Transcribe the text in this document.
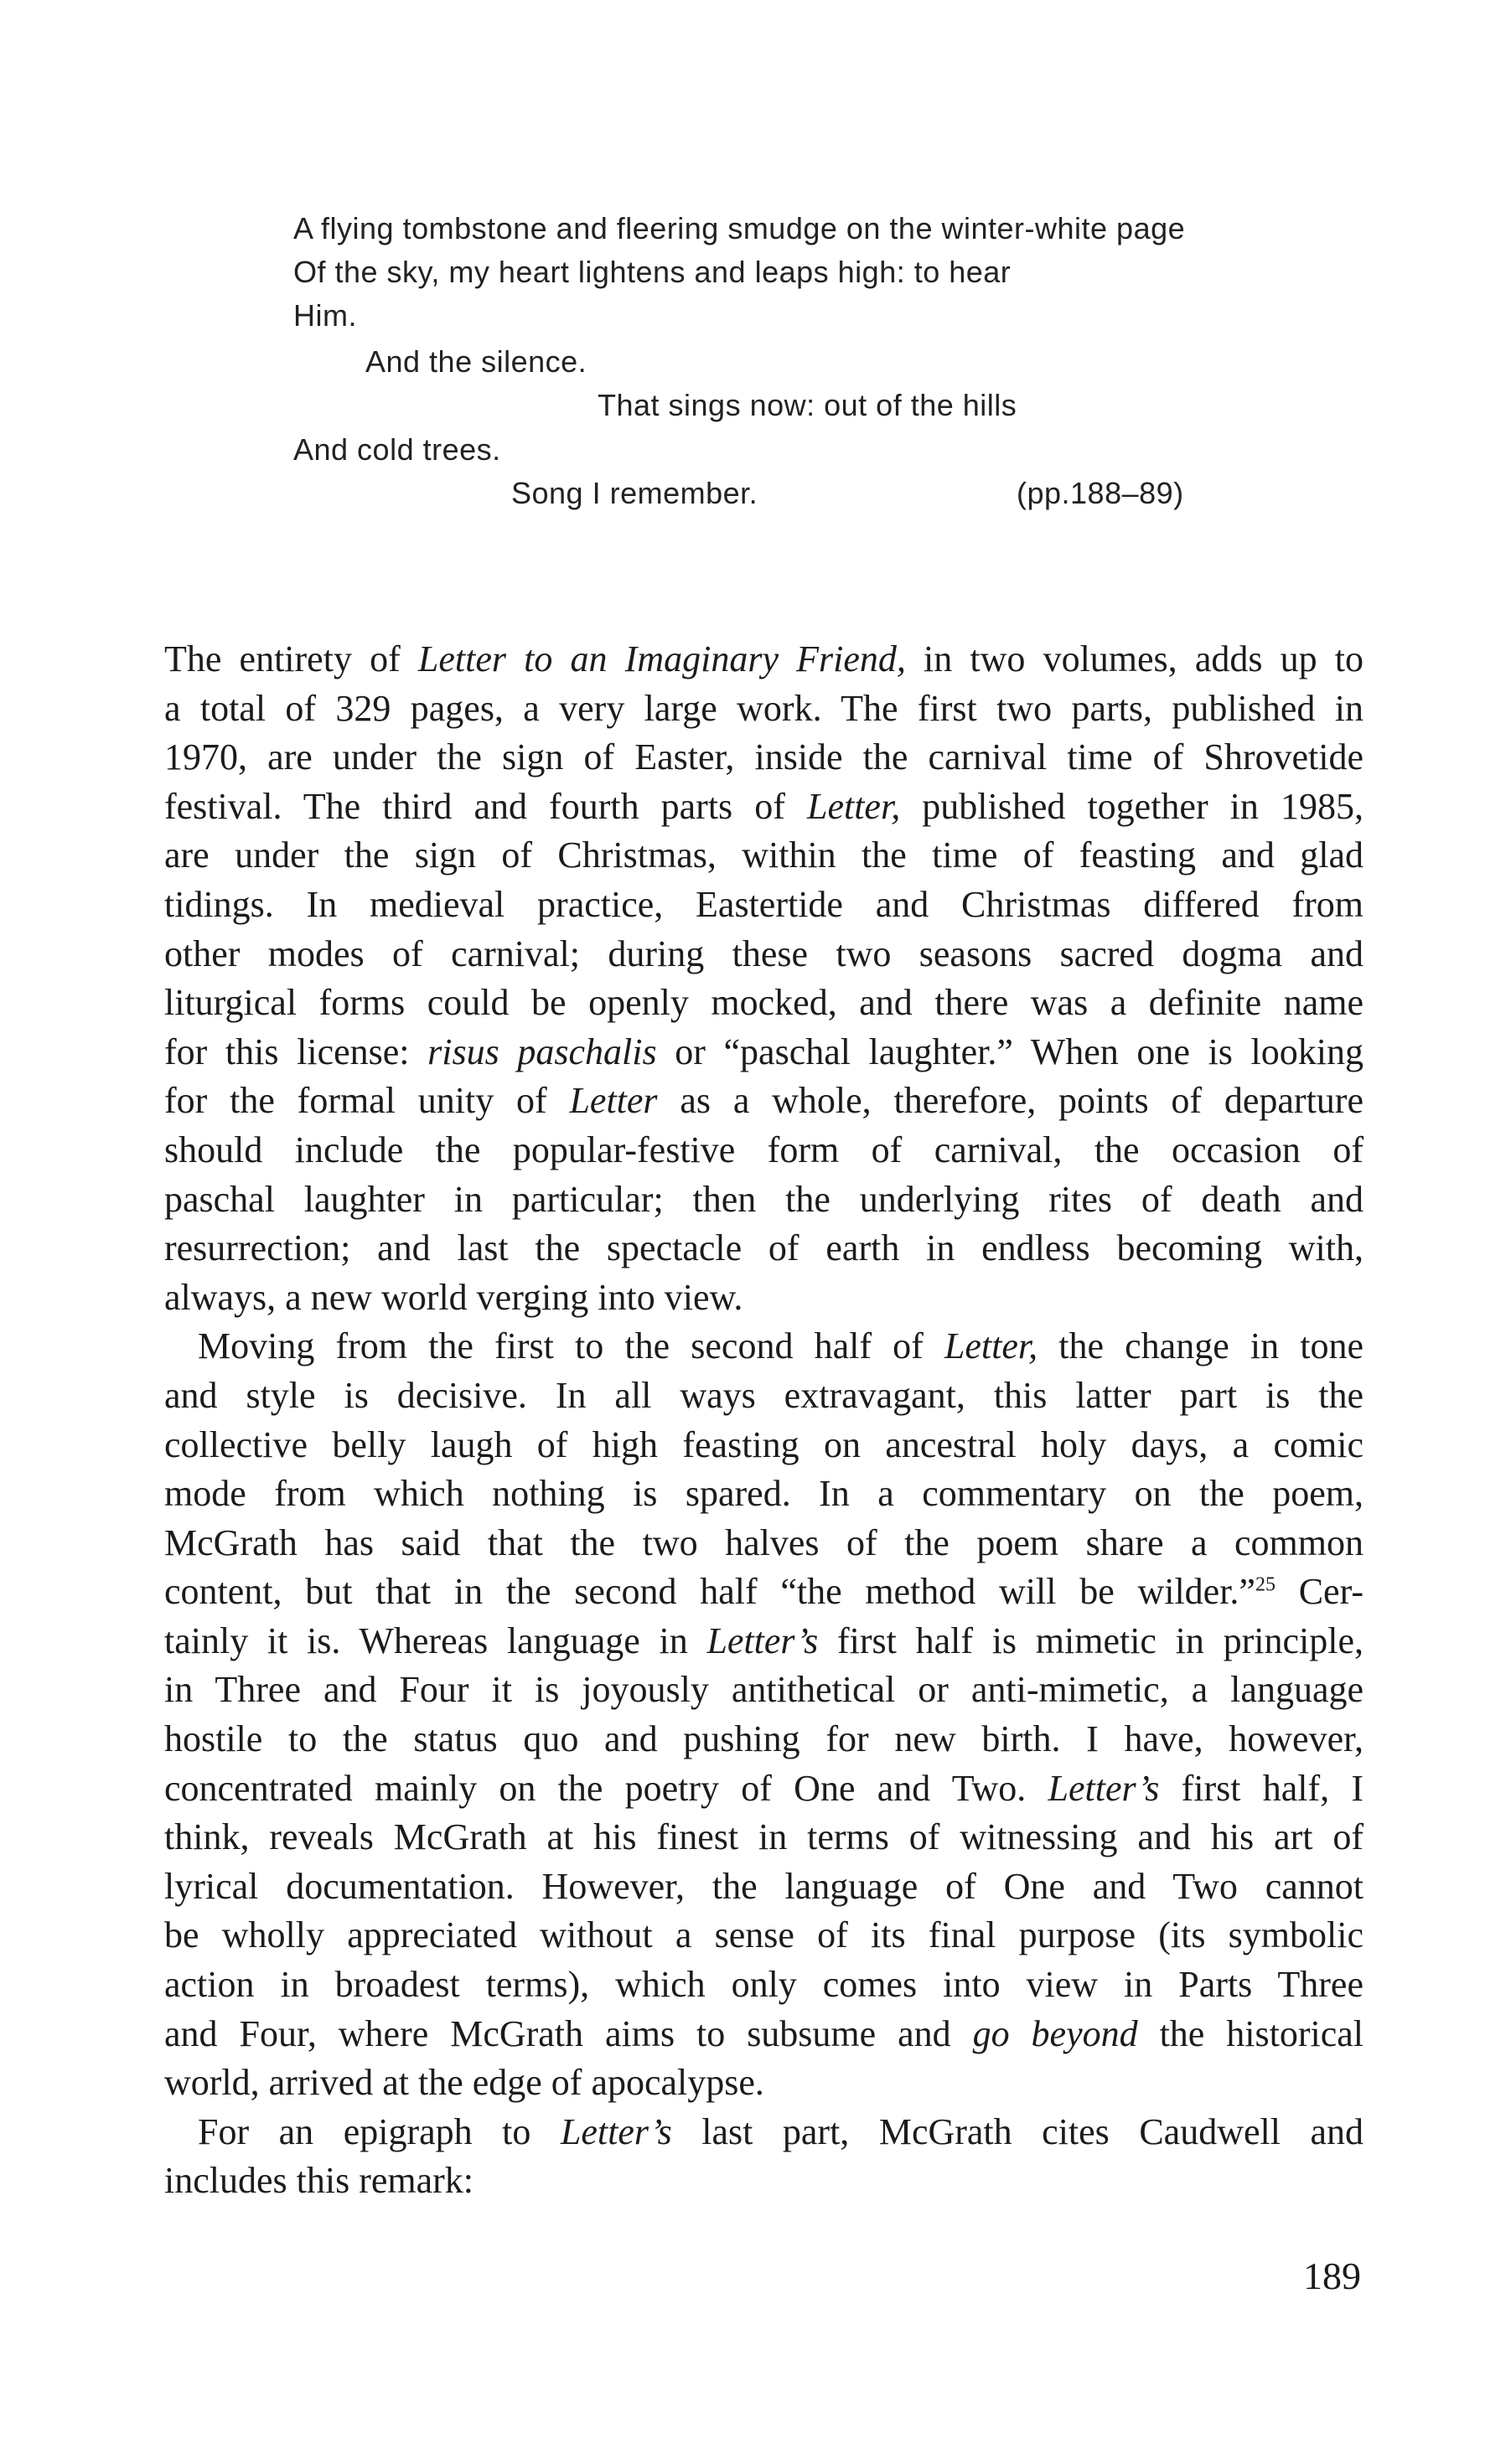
A flying tombstone and fleering smudge on the winter-white page
Of the sky, my heart lightens and leaps high: to hear
Him.
And the silence.
That sings now: out of the hills
And cold trees.
Song I remember.	(pp.188–89)
The entirety of Letter to an Imaginary Friend, in two volumes, adds up to
a total of 329 pages, a very large work. The first two parts, published in
1970, are under the sign of Easter, inside the carnival time of Shrovetide
festival. The third and fourth parts of Letter, published together in 1985,
are under the sign of Christmas, within the time of feasting and glad
tidings. In medieval practice, Eastertide and Christmas differed from
other modes of carnival; during these two seasons sacred dogma and
liturgical forms could be openly mocked, and there was a definite name
for this license: risus paschalis or “paschal laughter.” When one is looking
for the formal unity of Letter as a whole, therefore, points of departure
should include the popular-festive form of carnival, the occasion of
paschal laughter in particular; then the underlying rites of death and
resurrection; and last the spectacle of earth in endless becoming with,
always, a new world verging into view.
Moving from the first to the second half of Letter, the change in tone
and style is decisive. In all ways extravagant, this latter part is the
collective belly laugh of high feasting on ancestral holy days, a comic
mode from which nothing is spared. In a commentary on the poem,
McGrath has said that the two halves of the poem share a common
content, but that in the second half “the method will be wilder.”$^{25}$ Cer-
tainly it is. Whereas language in Letter’s first half is mimetic in principle,
in Three and Four it is joyously antithetical or anti-mimetic, a language
hostile to the status quo and pushing for new birth. I have, however,
concentrated mainly on the poetry of One and Two. Letter’s first half, I
think, reveals McGrath at his finest in terms of witnessing and his art of
lyrical documentation. However, the language of One and Two cannot
be wholly appreciated without a sense of its final purpose (its symbolic
action in broadest terms), which only comes into view in Parts Three
and Four, where McGrath aims to subsume and go beyond the historical
world, arrived at the edge of apocalypse.
For an epigraph to Letter’s last part, McGrath cites Caudwell and
includes this remark:
189
